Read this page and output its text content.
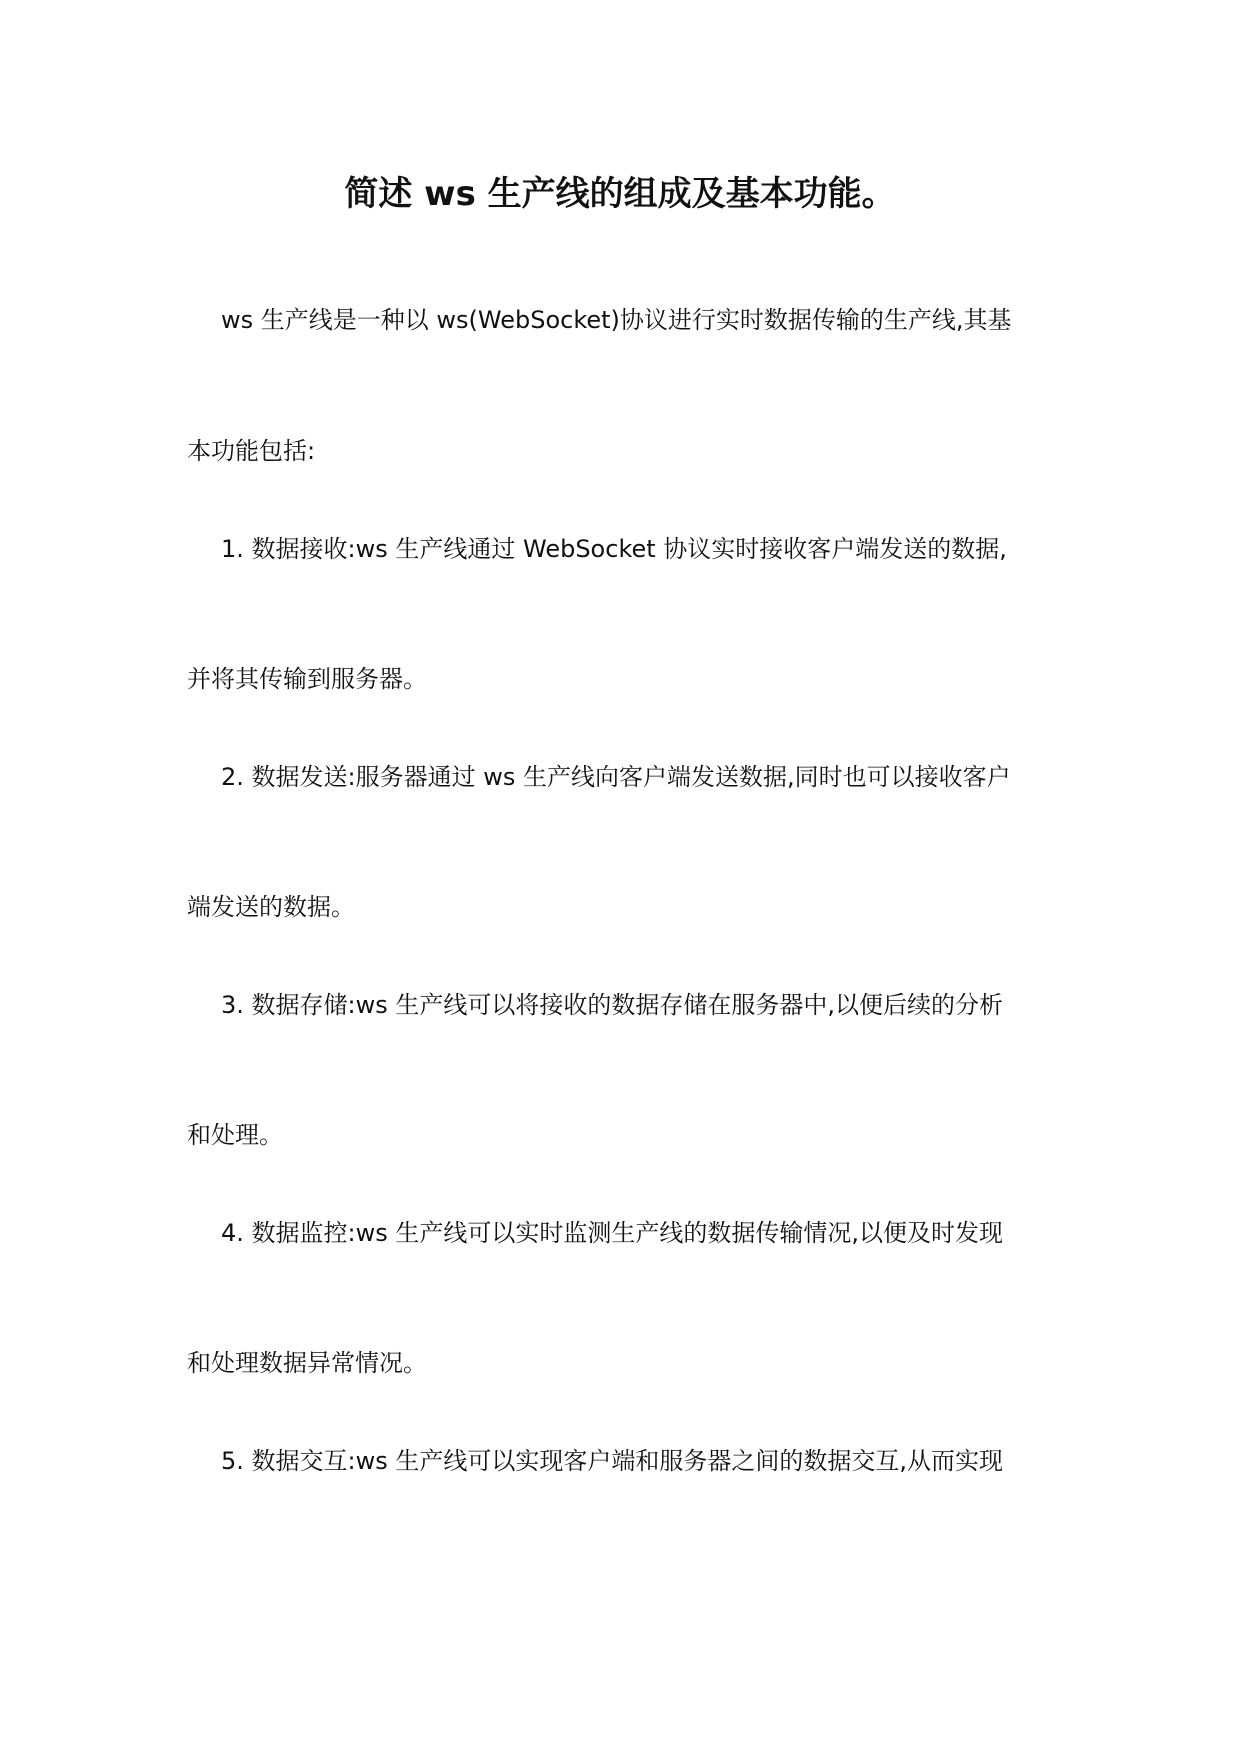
简述 ws 生产线的组成及基本功能。
ws 生产线是一种以 ws(WebSocket)协议进行实时数据传输的生产线,其基
本功能包括:
1. 数据接收:ws 生产线通过 WebSocket 协议实时接收客户端发送的数据,
并将其传输到服务器。
2. 数据发送:服务器通过 ws 生产线向客户端发送数据,同时也可以接收客户
端发送的数据。
3. 数据存储:ws 生产线可以将接收的数据存储在服务器中,以便后续的分析
和处理。
4. 数据监控:ws 生产线可以实时监测生产线的数据传输情况,以便及时发现
和处理数据异常情况。
5. 数据交互:ws 生产线可以实现客户端和服务器之间的数据交互,从而实现
